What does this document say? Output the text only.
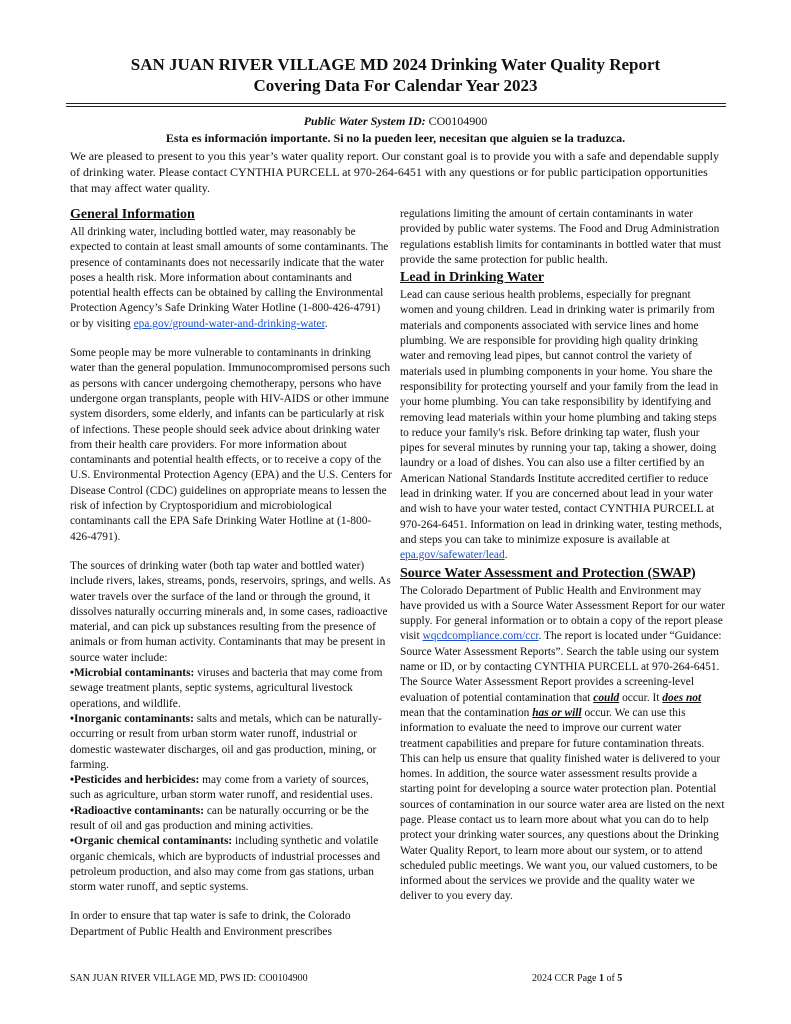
SAN JUAN RIVER VILLAGE MD 2024 Drinking Water Quality Report
Covering Data For Calendar Year 2023
Public Water System ID: CO0104900
Esta es información importante. Si no la pueden leer, necesitan que alguien se la traduzca.
We are pleased to present to you this year’s water quality report. Our constant goal is to provide you with a safe and dependable supply of drinking water. Please contact CYNTHIA PURCELL at 970-264-6451 with any questions or for public participation opportunities that may affect water quality.
General Information

All drinking water, including bottled water, may reasonably be expected to contain at least small amounts of some contaminants. The presence of contaminants does not necessarily indicate that the water poses a health risk. More information about contaminants and potential health effects can be obtained by calling the Environmental Protection Agency’s Safe Drinking Water Hotline (1-800-426-4791) or by visiting epa.gov/ground-water-and-drinking-water.

Some people may be more vulnerable to contaminants in drinking water than the general population. Immunocompromised persons such as persons with cancer undergoing chemotherapy, persons who have undergone organ transplants, people with HIV-AIDS or other immune system disorders, some elderly, and infants can be particularly at risk of infections. These people should seek advice about drinking water from their health care providers. For more information about contaminants and potential health effects, or to receive a copy of the U.S. Environmental Protection Agency (EPA) and the U.S. Centers for Disease Control (CDC) guidelines on appropriate means to lessen the risk of infection by Cryptosporidium and microbiological contaminants call the EPA Safe Drinking Water Hotline at (1-800-426-4791).

The sources of drinking water (both tap water and bottled water) include rivers, lakes, streams, ponds, reservoirs, springs, and wells. As water travels over the surface of the land or through the ground, it dissolves naturally occurring minerals and, in some cases, radioactive material, and can pick up substances resulting from the presence of animals or from human activity. Contaminants that may be present in source water include:
•Microbial contaminants: viruses and bacteria that may come from sewage treatment plants, septic systems, agricultural livestock operations, and wildlife.
•Inorganic contaminants: salts and metals, which can be naturally-occurring or result from urban storm water runoff, industrial or domestic wastewater discharges, oil and gas production, mining, or farming.
•Pesticides and herbicides: may come from a variety of sources, such as agriculture, urban storm water runoff, and residential uses.
•Radioactive contaminants: can be naturally occurring or be the result of oil and gas production and mining activities.
•Organic chemical contaminants: including synthetic and volatile organic chemicals, which are byproducts of industrial processes and petroleum production, and also may come from gas stations, urban storm water runoff, and septic systems.

In order to ensure that tap water is safe to drink, the Colorado Department of Public Health and Environment prescribes

regulations limiting the amount of certain contaminants in water provided by public water systems. The Food and Drug Administration regulations establish limits for contaminants in bottled water that must provide the same protection for public health.

Lead in Drinking Water

Lead can cause serious health problems, especially for pregnant women and young children. Lead in drinking water is primarily from materials and components associated with service lines and home plumbing. We are responsible for providing high quality drinking water and removing lead pipes, but cannot control the variety of materials used in plumbing components in your home. You share the responsibility for protecting yourself and your family from the lead in your home plumbing. You can take responsibility by identifying and removing lead materials within your home plumbing and taking steps to reduce your family's risk. Before drinking tap water, flush your pipes for several minutes by running your tap, taking a shower, doing laundry or a load of dishes. You can also use a filter certified by an American National Standards Institute accredited certifier to reduce lead in drinking water. If you are concerned about lead in your water and wish to have your water tested, contact CYNTHIA PURCELL at 970-264-6451. Information on lead in drinking water, testing methods, and steps you can take to minimize exposure is available at epa.gov/safewater/lead.

Source Water Assessment and Protection (SWAP)

The Colorado Department of Public Health and Environment may have provided us with a Source Water Assessment Report for our water supply. For general information or to obtain a copy of the report please visit wqcdcompliance.com/ccr. The report is located under “Guidance: Source Water Assessment Reports”. Search the table using our system name or ID, or by contacting CYNTHIA PURCELL at 970-264-6451. The Source Water Assessment Report provides a screening-level evaluation of potential contamination that could occur. It does not mean that the contamination has or will occur. We can use this information to evaluate the need to improve our current water treatment capabilities and prepare for future contamination threats. This can help us ensure that quality finished water is delivered to your homes. In addition, the source water assessment results provide a starting point for developing a source water protection plan. Potential sources of contamination in our source water area are listed on the next page. Please contact us to learn more about what you can do to help protect your drinking water sources, any questions about the Drinking Water Quality Report, to learn more about our system, or to attend scheduled public meetings. We want you, our valued customers, to be informed about the services we provide and the quality water we deliver to you every day.

SAN JUAN RIVER VILLAGE MD, PWS ID: CO0104900	2024 CCR Page 1 of 5
